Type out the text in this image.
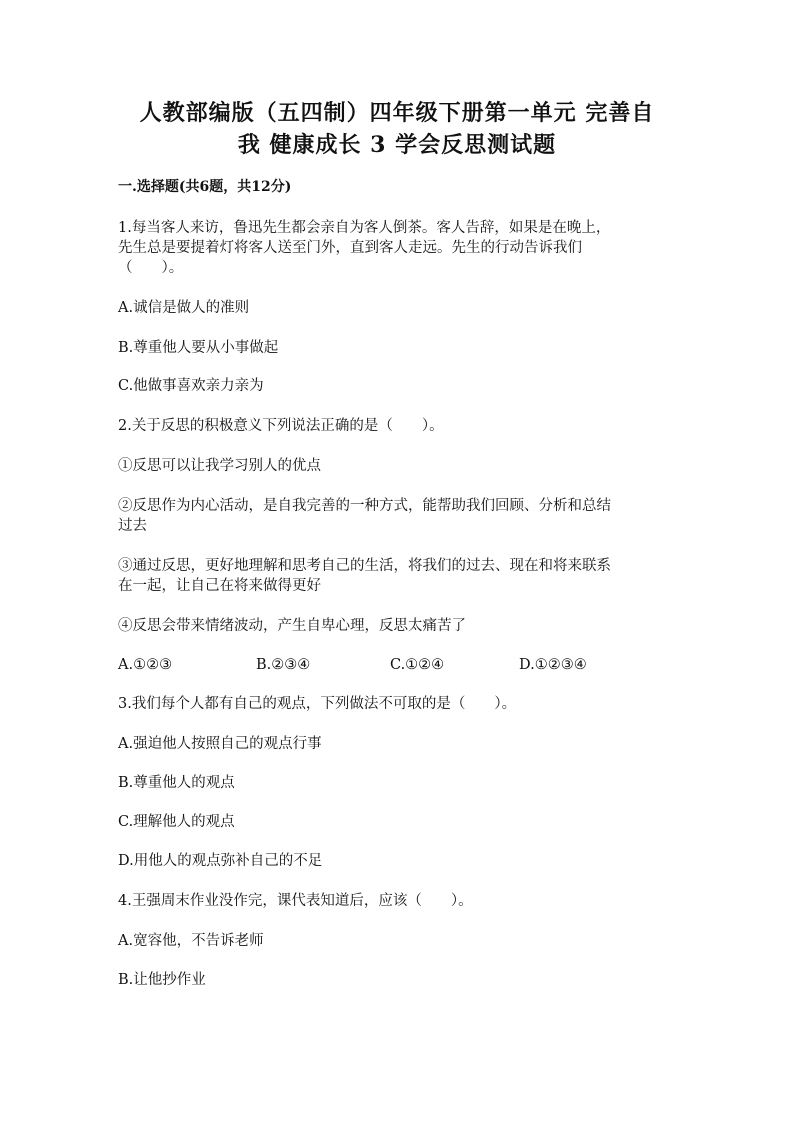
人教部编版（五四制）四年级下册第一单元 完善自
我 健康成长 3 学会反思测试题
一.选择题(共6题，共12分)
1.每当客人来访，鲁迅先生都会亲自为客人倒茶。客人告辞，如果是在晚上，
先生总是要提着灯将客人送至门外，直到客人走远。先生的行动告诉我们
（　　）。
A.诚信是做人的准则
B.尊重他人要从小事做起
C.他做事喜欢亲力亲为
2.关于反思的积极意义下列说法正确的是（　　）。
①反思可以让我学习别人的优点
②反思作为内心活动，是自我完善的一种方式，能帮助我们回顾、分析和总结
过去
③通过反思，更好地理解和思考自己的生活，将我们的过去、现在和将来联系
在一起，让自己在将来做得更好
④反思会带来情绪波动，产生自卑心理，反思太痛苦了
A.①②③	B.②③④	C.①②④	D.①②③④
3.我们每个人都有自己的观点，下列做法不可取的是（　　）。
A.强迫他人按照自己的观点行事
B.尊重他人的观点
C.理解他人的观点
D.用他人的观点弥补自己的不足
4.王强周末作业没作完，课代表知道后，应该（　　）。
A.宽容他，不告诉老师
B.让他抄作业
